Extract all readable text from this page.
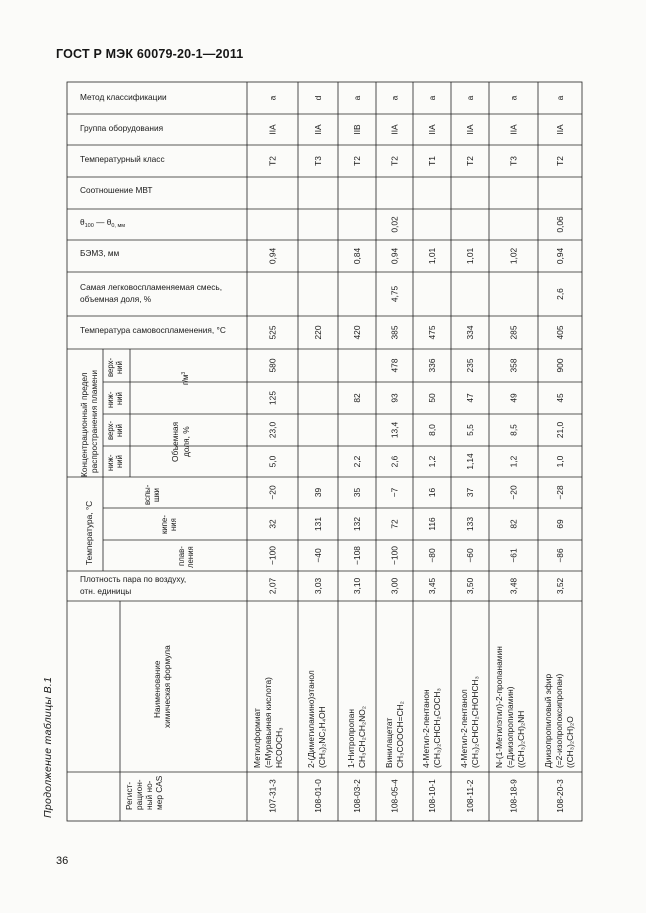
ГОСТ Р МЭК 60079-20-1—2011
Продолжение таблицы В.1
36
Метод классификации
Группа оборудования
Температурный класс
Соотношение МВТ
$\theta_{100}$ — $\theta_{0, мм}$
БЭМЗ, мм
Самая легковоспламеняемая смесь,
объемная доля, %
Температура самовоспламенения, °С
Плотность пара по воздуху,
отн. единицы
Концентрационный предел распространения пламени
верх- ний
ниж- ний
верх- ний
ниж- ний
$г/м^3$
Объемная доля, %
Температура, °С
вспы- шки
кипе- ния
плав- ления
Наименование химическая формула
Регист- рацион- ный но- мер CAS
a
IIA
T2
0,94
525
580
125
23,0
5,0
−20
32
−100
2,07
Метилформиат (=Муравьиная кислота) HCOOCH₃
107-31-3
d
IIA
T3
220
39
131
−40
3,03
2-(Диметиламино)этанол (CH₃)₂NC₂H₄OH
108-01-0
a
IIB
T2
0,84
420
82
2,2
35
132
−108
3,10
1-Нитропропан CH₃CH₂CH₂NO₂
108-03-2
a
IIA
T2
0,02
0,94
4,75
385
478
93
13,4
2,6
−7
72
−100
3,00
Винилацетат CH₃COOCH=CH₂
108-05-4
a
IIA
T1
1,01
475
336
50
8,0
1,2
16
116
−80
3,45
4-Метил-2-пентанон (CH₃)₂CHCH₂COCH₃
108-10-1
a
IIA
T2
1,01
334
235
47
5,5
1,14
37
133
−60
3,50
4-Метил-2-пентанол (CH₃)₂CHCH₂CHOHCH₃
108-11-2
a
IIA
T3
1,02
285
358
49
8,5
1,2
−20
82
−61
3,48
N-(1-Метилэтил)-2-пропанамин (=Диизопропиламин) ((CH₃)₂CH)₂NH
108-18-9
a
IIA
T2
0,06
0,94
2,6
405
900
45
21,0
1,0
−28
69
−86
3,52
Диизопропиловый эфир (=2-изопропоксипропан) ((CH₃)₂CH)₂O
108-20-3
